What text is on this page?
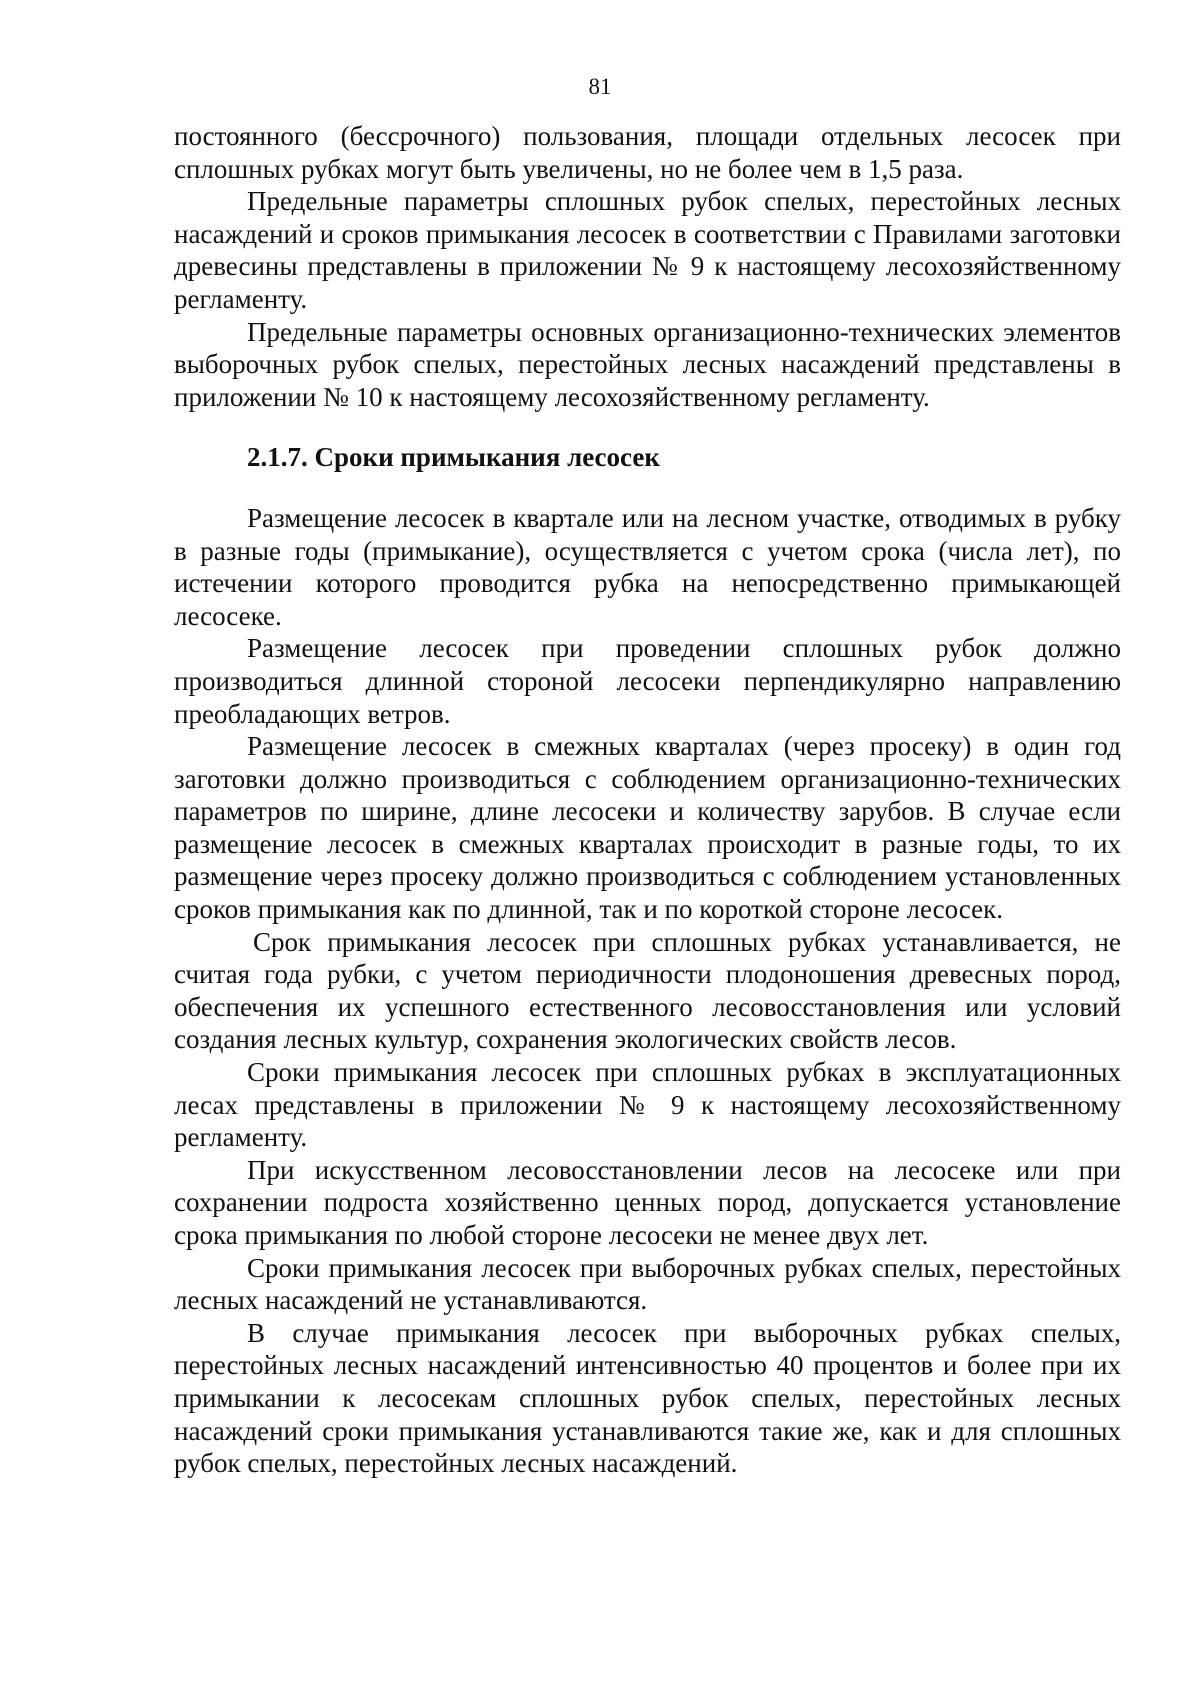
81

постоянного (бессрочного) пользования, площади отдельных лесосек при сплошных рубках могут быть увеличены, но не более чем в 1,5 раза.

Предельные параметры сплошных рубок спелых, перестойных лесных насаждений и сроков примыкания лесосек в соответствии с Правилами заготовки древесины представлены в приложении № 9 к настоящему лесохозяйственному регламенту.

Предельные параметры основных организационно-технических элементов выборочных рубок спелых, перестойных лесных насаждений представлены в приложении № 10 к настоящему лесохозяйственному регламенту.

2.1.7. Сроки примыкания лесосек

Размещение лесосек в квартале или на лесном участке, отводимых в рубку в разные годы (примыкание), осуществляется с учетом срока (числа лет), по истечении которого проводится рубка на непосредственно примыкающей лесосеке.

Размещение лесосек при проведении сплошных рубок должно производиться длинной стороной лесосеки перпендикулярно направлению преобладающих ветров.

Размещение лесосек в смежных кварталах (через просеку) в один год заготовки должно производиться с соблюдением организационно-технических параметров по ширине, длине лесосеки и количеству зарубов. В случае если размещение лесосек в смежных кварталах происходит в разные годы, то их размещение через просеку должно производиться с соблюдением установленных сроков примыкания как по длинной, так и по короткой стороне лесосек.

Срок примыкания лесосек при сплошных рубках устанавливается, не считая года рубки, с учетом периодичности плодоношения древесных пород, обеспечения их успешного естественного лесовосстановления или условий создания лесных культур, сохранения экологических свойств лесов.

Сроки примыкания лесосек при сплошных рубках в эксплуатационных лесах представлены в приложении № 9 к настоящему лесохозяйственному регламенту.

При искусственном лесовосстановлении лесов на лесосеке или при сохранении подроста хозяйственно ценных пород, допускается установление срока примыкания по любой стороне лесосеки не менее двух лет.

Сроки примыкания лесосек при выборочных рубках спелых, перестойных лесных насаждений не устанавливаются.

В случае примыкания лесосек при выборочных рубках спелых, перестойных лесных насаждений интенсивностью 40 процентов и более при их примыкании к лесосекам сплошных рубок спелых, перестойных лесных насаждений сроки примыкания устанавливаются такие же, как и для сплошных рубок спелых, перестойных лесных насаждений.
